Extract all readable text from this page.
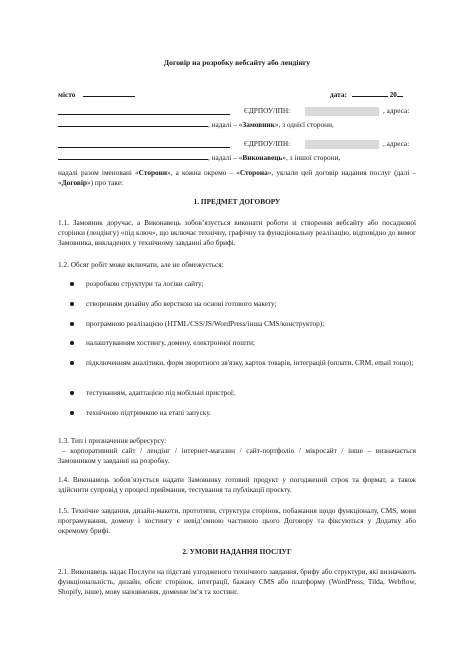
Договір на розробку вебсайту або лендінгу
місто	дата:	20
ЄДРПОУ/ІПН:	, адреса:
, надалі – «Замовник», з однієї сторони,
ЄДРПОУ/ІПН:	, адреса:
, надалі – «Виконавець», з іншої сторони,
надалі разом іменовані «Сторони», а кожна окремо – «Сторона», уклали цей договір надання послуг (далі – «Договір») про таке:
1. ПРЕДМЕТ ДОГОВОРУ
1.1. Замовник доручає, а Виконавець зобов’язується виконати роботи зі створення вебсайту або посадкової сторінки (лендінгу) «під ключ», що включає технічну, графічну та функціональну реалізацію, відповідно до вимог Замовника, викладених у технічному завданні або брифі.
1.2. Обсяг робіт може включати, але не обмежується:
розробкою структури та логіки сайту;
створенням дизайну або версткою на основі готового макету;
програмною реалізацією (HTML/CSS/JS/WordPress/інша CMS/конструктор);
налаштуванням хостингу, домену, електронної пошти;
підключенням аналітики, форм зворотного зв'язку, карток товарів, інтеграцій (оплати, CRM, email тощо);
тестуванням, адаптацією під мобільні пристрої;
технічною підтримкою на етапі запуску.
1.3. Тип і призначення вебресурсу:
– корпоративний сайт / лендінг / інтернет-магазин / сайт-портфоліо / мікросайт / інше – визначається Замовником у завданні на розробку.
1.4. Виконавець зобов’язується надати Замовнику готовий продукт у погоджений строк та формат, а також здійснити супровід у процесі приймання, тестування та публікації проєкту.
1.5. Технічне завдання, дизайн-макети, прототипи, структура сторінок, побажання щодо функціоналу, CMS, мови програмування, домену і хостингу є невід’ємною частиною цього Договору та фіксуються у Додатку або окремому брифі.
2. УМОВИ НАДАННЯ ПОСЛУГ
2.1. Виконавець надає Послуги на підставі узгодженого технічного завдання, брифу або структури, які визначають функціональність, дизайн, обсяг сторінок, інтеграції, бажану CMS або платформу (WordPress, Tilda, Webflow, Shopify, інше), мову наповнення, доменне ім’я та хостинг.
